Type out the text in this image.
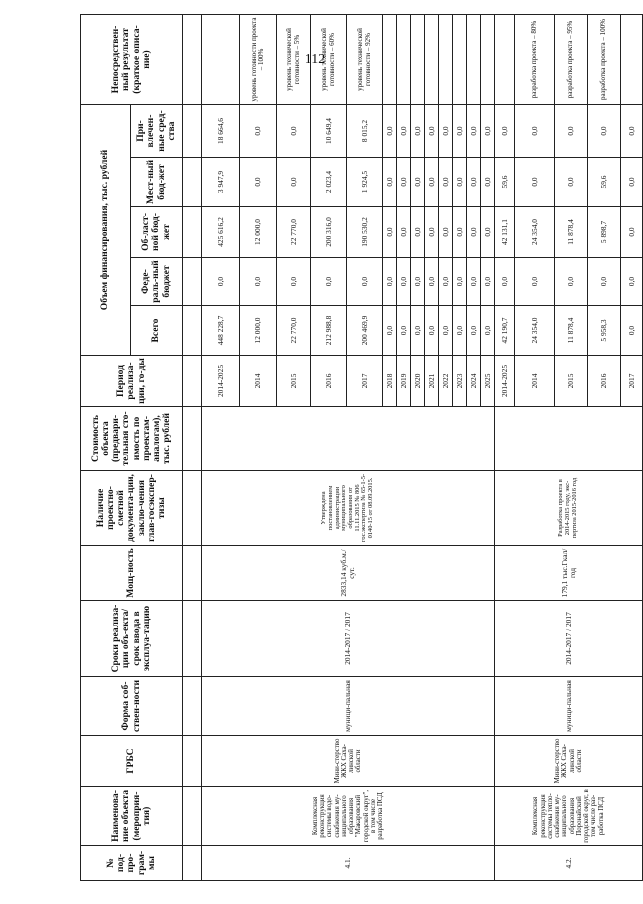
112
№ под-про-грам-мы	Наименова-ние объекта (мероприя-тия)	ГРБС	Форма соб-ствен-ности	Сроки реализа-ции объ-екта/срок ввода в эксплуа-тацию	Мощ-ность	Наличие проектно-сметной документа-ции, заклю-чения глав-госэкспер-тизы	Стоимость объекта (предвари-тельная сто-имость по проектам-аналогам), тыс. рублей	Период реализа-ции, го-ды	Объем финансирования, тыс. рублей					Непосредствен-ный результат (краткое описа-ние)
									Всего	Феде-раль-ный бюджет	Об-ласт-ной бюд-жет	Мест-ный бюд-жет	При-влечен-ные сред-ства	

4.1.	Комплексная реконструкция системы водо-снабжения му-ниципального образования "Макаровский городской округ", в том числе разработка ПСД	Мини-стерство ЖКХ Саха-линской области	муници-пальная	2014-2017 / 2017	2833,14 куб.м./сут.	Утверждена постановлением администрации муниципального образования от 11.11.2015 № 806 гос.экспертиза № 65-1-5-0140-15 от 08.09.2015.		2014-2025	448 228,7	0,0	425 616,2	3 947,9	18 664,6	
								2014	12 000,0	0,0	12 000,0	0,0	0,0	уровень готовности проекта – 100%
								2015	22 770,0	0,0	22 770,0	0,0	0,0	уровень технической готовности – 5%
								2016	212 988,8	0,0	200 316,0	2 023,4	10 649,4	уровень технической готовности – 60%
								2017	200 469,9	0,0	190 530,2	1 924,5	8 015,2	уровень технической готовности – 92%
								2018	0,0	0,0	0,0	0,0	0,0	
								2019	0,0	0,0	0,0	0,0	0,0	
								2020	0,0	0,0	0,0	0,0	0,0	
								2021	0,0	0,0	0,0	0,0	0,0	
								2022	0,0	0,0	0,0	0,0	0,0	
								2023	0,0	0,0	0,0	0,0	0,0	
								2024	0,0	0,0	0,0	0,0	0,0	
								2025	0,0	0,0	0,0	0,0	0,0	
4.2.	Комплексная реконструкция системы тепло-снабжения му-ниципального образования Поронайский городской округ, в том числе раз-работка ПСД	Мини-стерство ЖКХ Саха-линской области	муници-пальная	2014-2017 / 2017	179,1 тыс.Гкал/год	Разработка проекта в 2014-2015 году, экс-пертиза 2015-2016 год		2014-2025	42 190,7	0,0	42 131,1	59,6	0,0	
								2014	24 354,0	0,0	24 354,0	0,0	0,0	разработка проекта – 80%
								2015	11 878,4	0,0	11 878,4	0,0	0,0	разработка проекта – 95%
								2016	5 958,3	0,0	5 898,7	59,6	0,0	разработка проекта – 100%
								2017	0,0	0,0	0,0	0,0	0,0	
